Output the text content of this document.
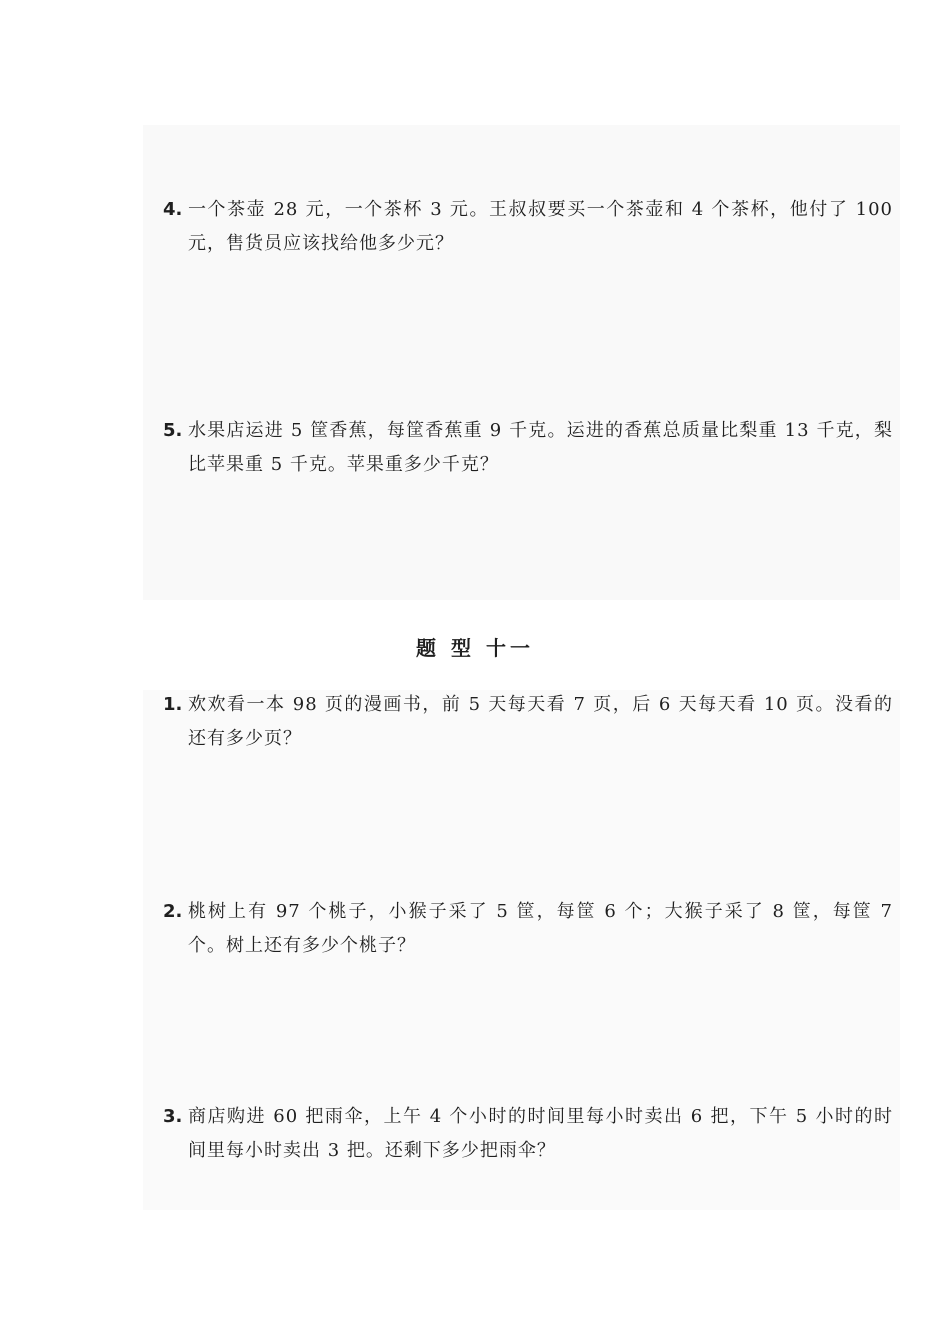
4. 一个茶壶 28 元，一个茶杯 3 元。王叔叔要买一个茶壶和 4 个茶杯，他付了 100 元，售货员应该找给他多少元？
5. 水果店运进 5 筐香蕉，每筐香蕉重 9 千克。运进的香蕉总质量比梨重 13 千克，梨比苹果重 5 千克。苹果重多少千克？
题 型 十一
1. 欢欢看一本 98 页的漫画书，前 5 天每天看 7 页，后 6 天每天看 10 页。没看的还有多少页？
2. 桃树上有 97 个桃子，小猴子采了 5 筐，每筐 6 个；大猴子采了 8 筐，每筐 7 个。树上还有多少个桃子？
3. 商店购进 60 把雨伞，上午 4 个小时的时间里每小时卖出 6 把，下午 5 小时的时间里每小时卖出 3 把。还剩下多少把雨伞？
